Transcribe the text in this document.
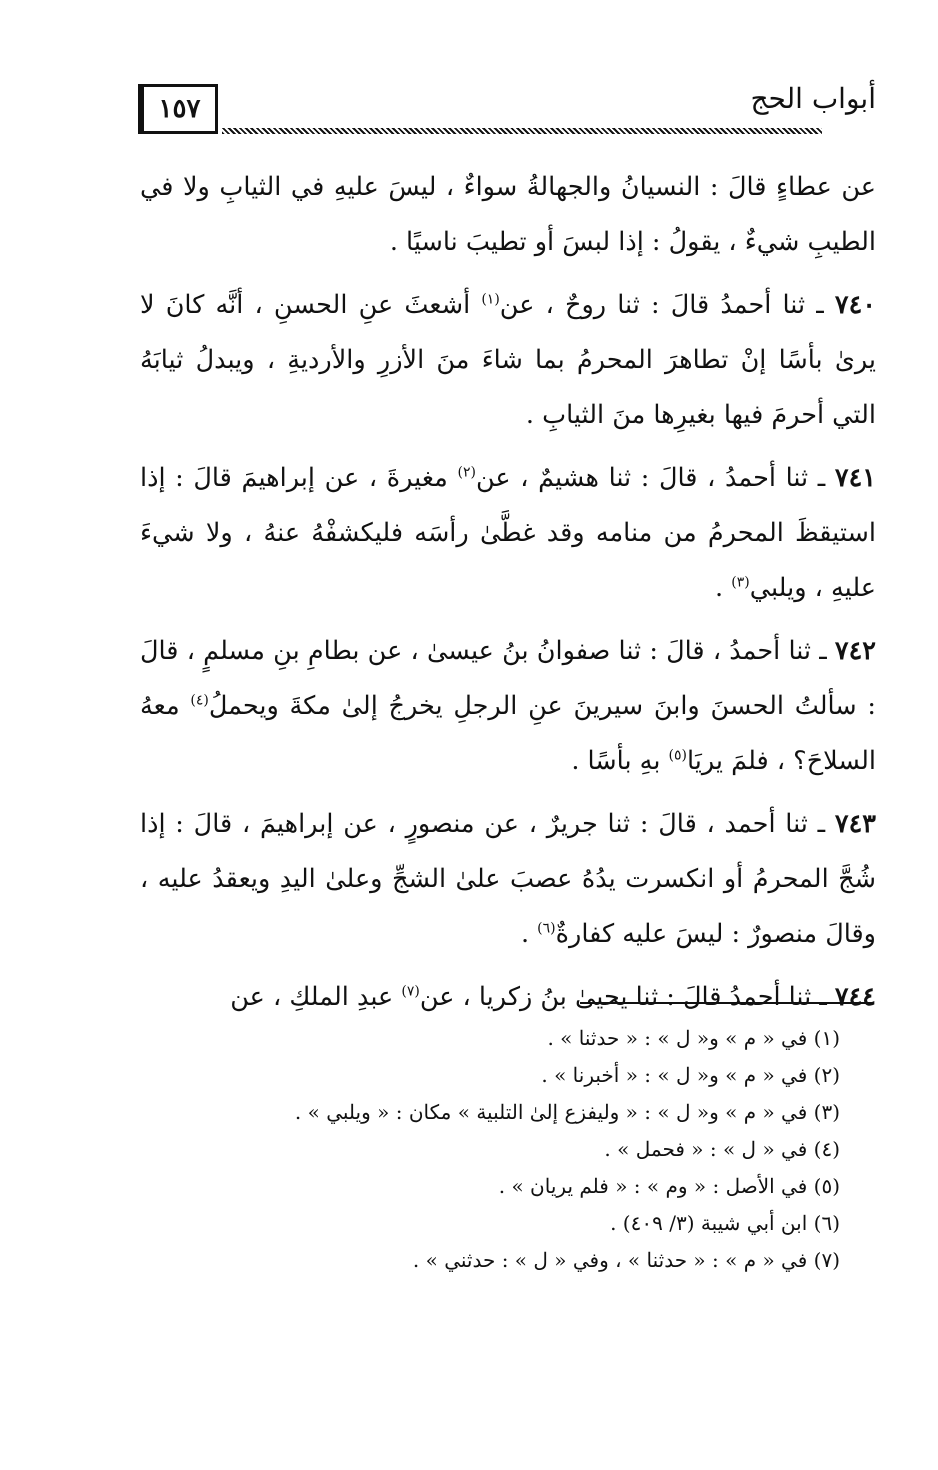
١٥٧	أبواب الحج

عن عطاءٍ قالَ : النسيانُ والجهالةُ سواءٌ ، ليسَ عليهِ في الثيابِ ولا في الطيبِ شيءٌ ، يقولُ : إذا لبسَ أو تطيبَ ناسيًا .

٧٤٠ ـ ثنا أحمدُ قالَ : ثنا روحٌ ، عن$^{(١)}$ أشعثَ عنِ الحسنِ ، أنَّه كانَ لا يرىٰ بأسًا إنْ تطاهرَ المحرمُ بما شاءَ منَ الأزرِ والأرديةِ ، ويبدلُ ثيابَهُ التي أحرمَ فيها بغيرِها منَ الثيابِ .

٧٤١ ـ ثنا أحمدُ ، قالَ : ثنا هشيمٌ ، عن$^{(٢)}$ مغيرةَ ، عن إبراهيمَ قالَ : إذا استيقظَ المحرمُ من منامه وقد غطَّىٰ رأسَه فليكشفْهُ عنهُ ، ولا شيءَ عليهِ ، ويلبي$^{(٣)}$ .

٧٤٢ ـ ثنا أحمدُ ، قالَ : ثنا صفوانُ بنُ عيسىٰ ، عن بطامِ بنِ مسلمٍ ، قالَ : سألتُ الحسنَ وابنَ سيرينَ عنِ الرجلِ يخرجُ إلىٰ مكةَ ويحملُ$^{(٤)}$ معهُ السلاحَ؟ ، فلمَ يريَا$^{(٥)}$ بهِ بأسًا .

٧٤٣ ـ ثنا أحمد ، قالَ : ثنا جريرٌ ، عن منصورٍ ، عن إبراهيمَ ، قالَ : إذا شُجَّ المحرمُ أو انكسرت يدُهُ عصبَ علىٰ الشجِّ وعلىٰ اليدِ ويعقدُ عليه ، وقالَ منصورٌ : ليسَ عليه كفارةٌ$^{(٦)}$ .

٧٤٤ ـ ثنا أحمدُ قالَ : ثنا يحيىٰ بنُ زكريا ، عن$^{(٧)}$ عبدِ الملكِ ، عن

(١) في « م » و« ل » : « حدثنا » .
(٢) في « م » و« ل » : « أخبرنا » .
(٣) في « م » و« ل » : « وليفزع إلىٰ التلبية » مكان : « ويلبي » .
(٤) في « ل » : « فحمل » .
(٥) في الأصل : « وم » : « فلم يريان » .
(٦) ابن أبي شيبة (٣/ ٤٠٩) .
(٧) في « م » : « حدثنا » ، وفي « ل » : حدثني » .
